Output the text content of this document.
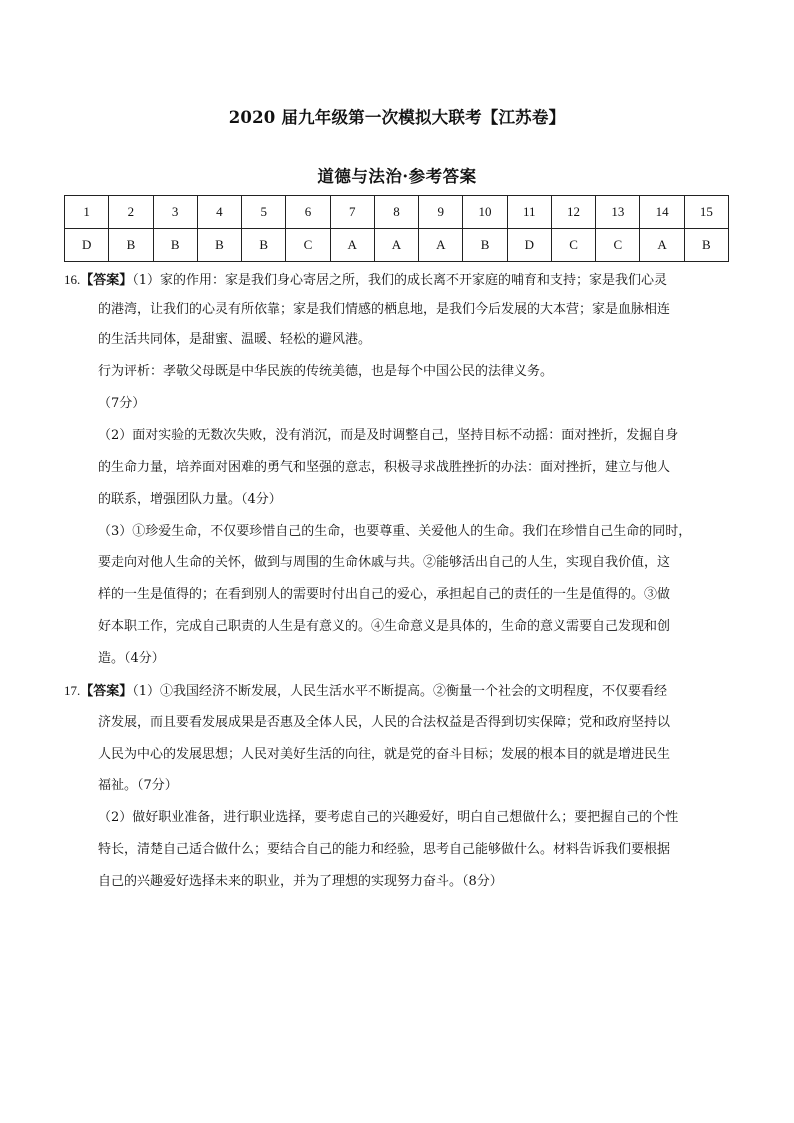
2020 届九年级第一次模拟大联考【江苏卷】
道德与法治·参考答案
1	2	3	4	5	6	7	8	9	10	11	12	13	14	15
D	B	B	B	B	C	A	A	A	B	D	C	C	A	B
16.【答案】（1）家的作用：家是我们身心寄居之所，我们的成长离不开家庭的哺育和支持；家是我们心灵
的港湾，让我们的心灵有所依靠；家是我们情感的栖息地，是我们今后发展的大本营；家是血脉相连
的生活共同体，是甜蜜、温暖、轻松的避风港。
行为评析：孝敬父母既是中华民族的传统美德，也是每个中国公民的法律义务。
（7分）
（2）面对实验的无数次失败，没有消沉，而是及时调整自己，坚持目标不动摇：面对挫折，发掘自身
的生命力量，培养面对困难的勇气和坚强的意志，积极寻求战胜挫折的办法：面对挫折，建立与他人
的联系，增强团队力量。（4分）
（3）①珍爱生命，不仅要珍惜自己的生命，也要尊重、关爱他人的生命。我们在珍惜自己生命的同时，
要走向对他人生命的关怀，做到与周围的生命休戚与共。②能够活出自己的人生，实现自我价值，这
样的一生是值得的；在看到别人的需要时付出自己的爱心，承担起自己的责任的一生是值得的。③做
好本职工作，完成自己职责的人生是有意义的。④生命意义是具体的，生命的意义需要自己发现和创
造。（4分）
17.【答案】（1）①我国经济不断发展，人民生活水平不断提高。②衡量一个社会的文明程度，不仅要看经
济发展，而且要看发展成果是否惠及全体人民，人民的合法权益是否得到切实保障；党和政府坚持以
人民为中心的发展思想；人民对美好生活的向往，就是党的奋斗目标；发展的根本目的就是增进民生
福祉。（7分）
（2）做好职业准备，进行职业选择，要考虑自己的兴趣爱好，明白自己想做什么；要把握自己的个性
特长，清楚自己适合做什么；要结合自己的能力和经验，思考自己能够做什么。材料告诉我们要根据
自己的兴趣爱好选择未来的职业，并为了理想的实现努力奋斗。（8分）
